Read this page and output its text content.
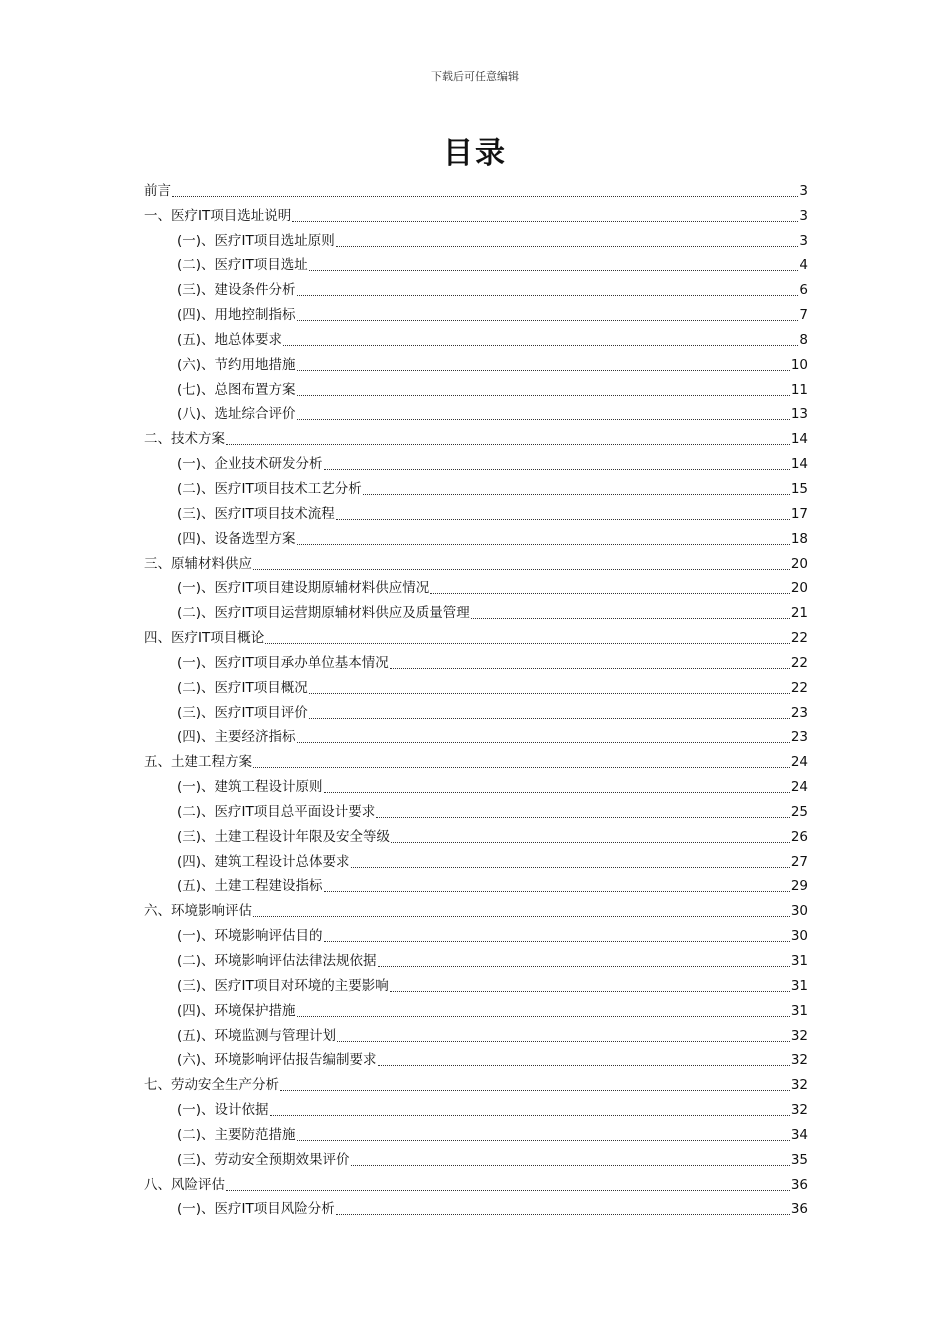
下载后可任意编辑
目录
前言	3
一、医疗IT项目选址说明	3
(一)、医疗IT项目选址原则	3
(二)、医疗IT项目选址	4
(三)、建设条件分析	6
(四)、用地控制指标	7
(五)、地总体要求	8
(六)、节约用地措施	10
(七)、总图布置方案	11
(八)、选址综合评价	13
二、技术方案	14
(一)、企业技术研发分析	14
(二)、医疗IT项目技术工艺分析	15
(三)、医疗IT项目技术流程	17
(四)、设备选型方案	18
三、原辅材料供应	20
(一)、医疗IT项目建设期原辅材料供应情况	20
(二)、医疗IT项目运营期原辅材料供应及质量管理	21
四、医疗IT项目概论	22
(一)、医疗IT项目承办单位基本情况	22
(二)、医疗IT项目概况	22
(三)、医疗IT项目评价	23
(四)、主要经济指标	23
五、土建工程方案	24
(一)、建筑工程设计原则	24
(二)、医疗IT项目总平面设计要求	25
(三)、土建工程设计年限及安全等级	26
(四)、建筑工程设计总体要求	27
(五)、土建工程建设指标	29
六、环境影响评估	30
(一)、环境影响评估目的	30
(二)、环境影响评估法律法规依据	31
(三)、医疗IT项目对环境的主要影响	31
(四)、环境保护措施	31
(五)、环境监测与管理计划	32
(六)、环境影响评估报告编制要求	32
七、劳动安全生产分析	32
(一)、设计依据	32
(二)、主要防范措施	34
(三)、劳动安全预期效果评价	35
八、风险评估	36
(一)、医疗IT项目风险分析	36
